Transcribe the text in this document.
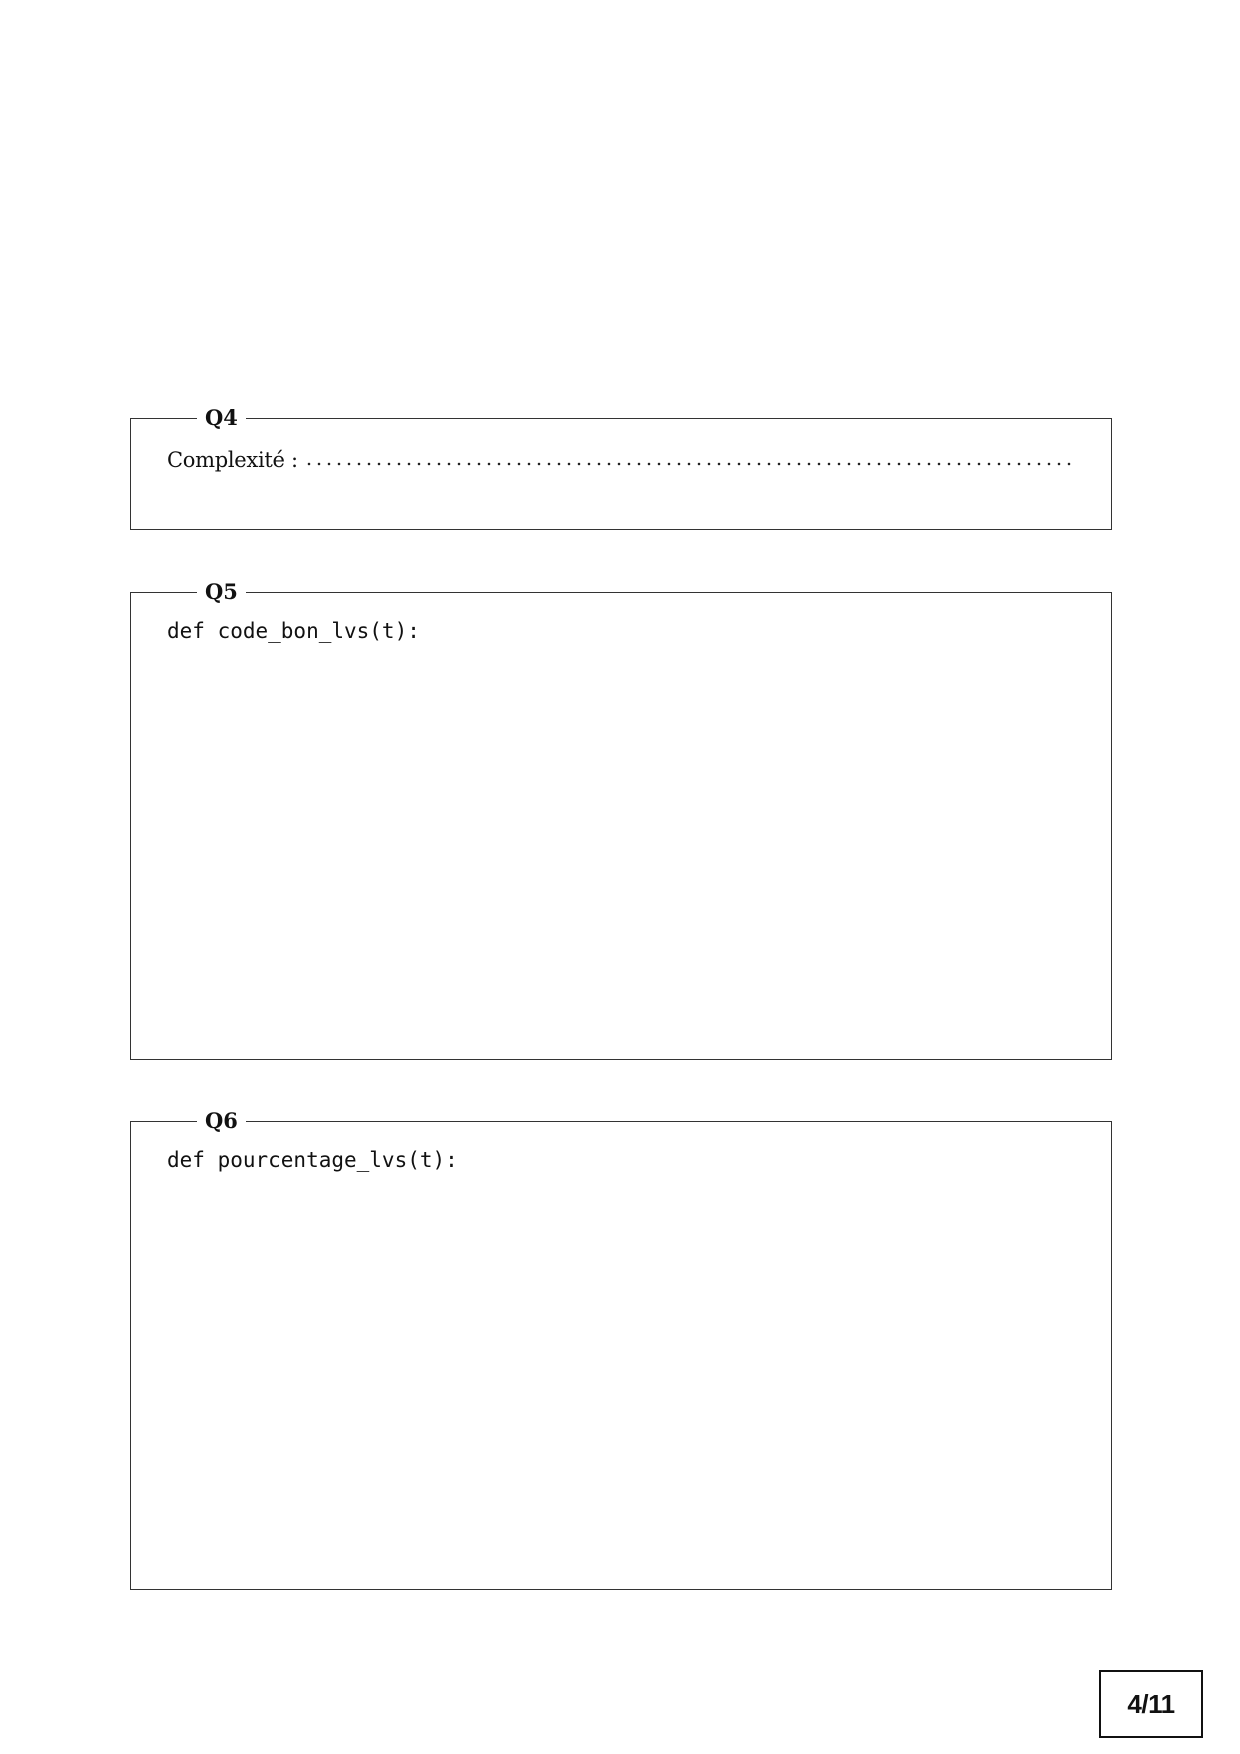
Q4
Complexité :
Q5
def code_bon_lvs(t):
Q6
def pourcentage_lvs(t):
4/11
